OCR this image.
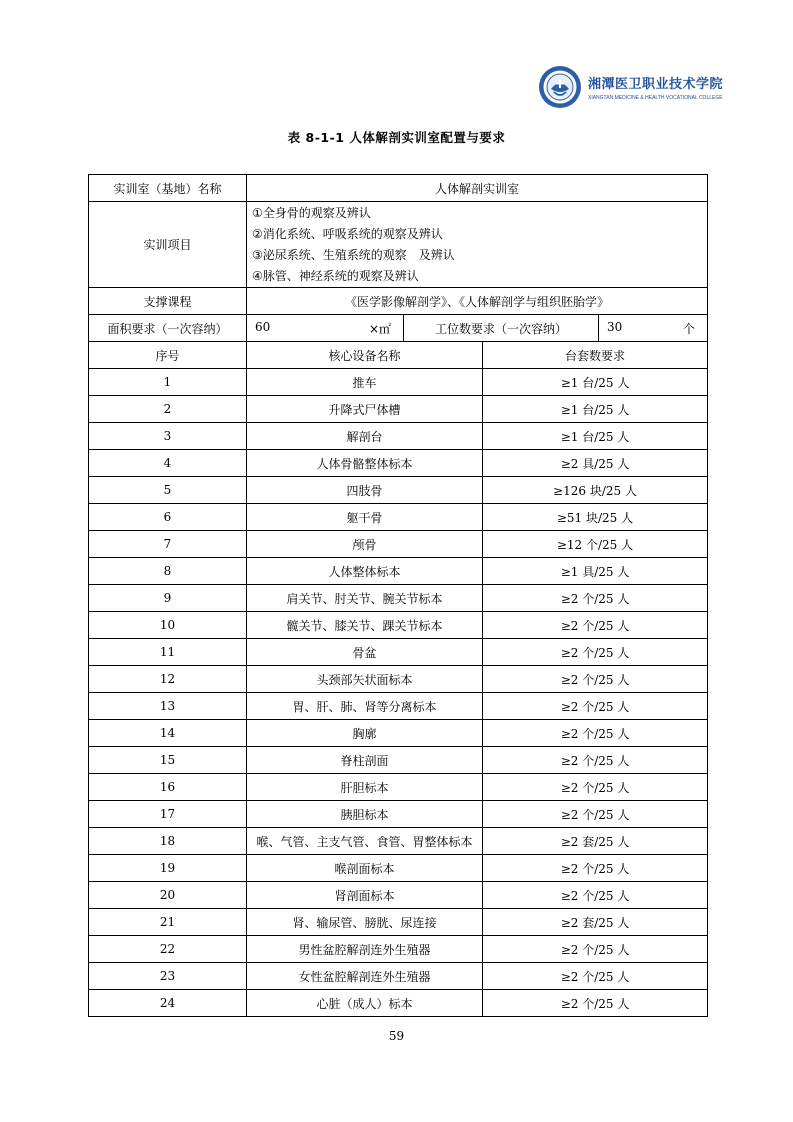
湘潭医卫职业技术学院
XIANGTAN MEDICINE & HEALTH VOCATIONAL COLLEGE
表 8-1-1 人体解剖实训室配置与要求
实训室（基地）名称	人体解剖实训室			
实训项目	①全身骨的观察及辨认
②消化系统、呼吸系统的观察及辨认
③泌尿系统、生殖系统的观察　及辨认
④脉管、神经系统的观察及辨认			

支撑课程	《医学影像解剖学》、《人体解剖学与组织胚胎学》			
面积要求（一次容纳）	60 ×㎡	工位数要求（一次容纳）		30 个

序号	核心设备名称		台套数要求	
1	推车		≥1 台/25 人	
2	升降式尸体槽		≥1 台/25 人	
3	解剖台		≥1 台/25 人	
4	人体骨骼整体标本		≥2 具/25 人	
5	四肢骨		≥126 块/25 人	
6	躯干骨		≥51 块/25 人	
7	颅骨		≥12 个/25 人	
8	人体整体标本		≥1 具/25 人	
9	肩关节、肘关节、腕关节标本		≥2 个/25 人	
10	髋关节、膝关节、踝关节标本		≥2 个/25 人	
11	骨盆		≥2 个/25 人	
12	头颈部矢状面标本		≥2 个/25 人	
13	胃、肝、肺、肾等分离标本		≥2 个/25 人	
14	胸廓		≥2 个/25 人	
15	脊柱剖面		≥2 个/25 人	
16	肝胆标本		≥2 个/25 人	
17	胰胆标本		≥2 个/25 人	
18	喉、气管、主支气管、食管、胃整体标本		≥2 套/25 人	
19	喉剖面标本		≥2 个/25 人	
20	肾剖面标本		≥2 个/25 人	
21	肾、输尿管、膀胱、尿连接		≥2 套/25 人	
22	男性盆腔解剖连外生殖器		≥2 个/25 人	
23	女性盆腔解剖连外生殖器		≥2 个/25 人	
24	心脏（成人）标本		≥2 个/25 人	
59
